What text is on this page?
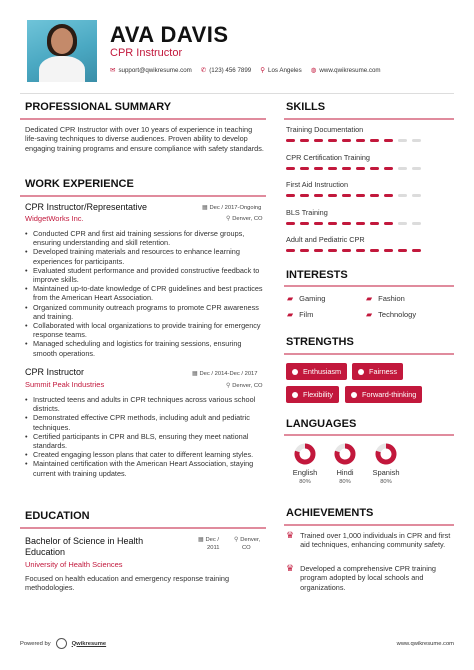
AVA DAVIS
CPR Instructor
✉ support@qwikresume.com ✆ (123) 456 7899 ⚲ Los Angeles ◍ www.qwikresume.com
PROFESSIONAL SUMMARY
Dedicated CPR Instructor with over 10 years of experience in teaching life-saving techniques to diverse audiences. Proven ability to develop engaging training programs and ensure compliance with safety standards.
WORK EXPERIENCE
CPR Instructor/Representative	▦ Dec / 2017-Ongoing
WidgetWorks Inc.	⚲ Denver, CO
• Conducted CPR and first aid training sessions for diverse groups, ensuring understanding and skill retention.
• Developed training materials and resources to enhance learning experiences for participants.
• Evaluated student performance and provided constructive feedback to improve skills.
• Maintained up-to-date knowledge of CPR guidelines and best practices from the American Heart Association.
• Organized community outreach programs to promote CPR awareness and training.
• Collaborated with local organizations to provide training for emergency response teams.
• Managed scheduling and logistics for training sessions, ensuring smooth operations.
CPR Instructor	▦ Dec / 2014-Dec / 2017
Summit Peak Industries	⚲ Denver, CO
• Instructed teens and adults in CPR techniques across various school districts.
• Demonstrated effective CPR methods, including adult and pediatric techniques.
• Certified participants in CPR and BLS, ensuring they meet national standards.
• Created engaging lesson plans that cater to different learning styles.
• Maintained certification with the American Heart Association, staying current with training updates.
EDUCATION
Bachelor of Science in Health Education
▦ Dec /
2011
⚲ Denver,
CO
University of Health Sciences
Focused on health education and emergency response training methodologies.
SKILLS
Training Documentation
CPR Certification Training
First Aid Instruction
BLS Training
Adult and Pediatric CPR
INTERESTS
▰ Gaming	▰ Fashion
▰ Film	▰ Technology
STRENGTHS
Enthusiasm	Fairness
Flexibility	Forward-thinking
LANGUAGES
English
80%
Hindi
80%
Spanish
80%
ACHIEVEMENTS
♛ Trained over 1,000 individuals in CPR and first aid techniques, enhancing community safety.
♛ Developed a comprehensive CPR training program adopted by local schools and organizations.
Powered by	Qwikresume	www.qwikresume.com
